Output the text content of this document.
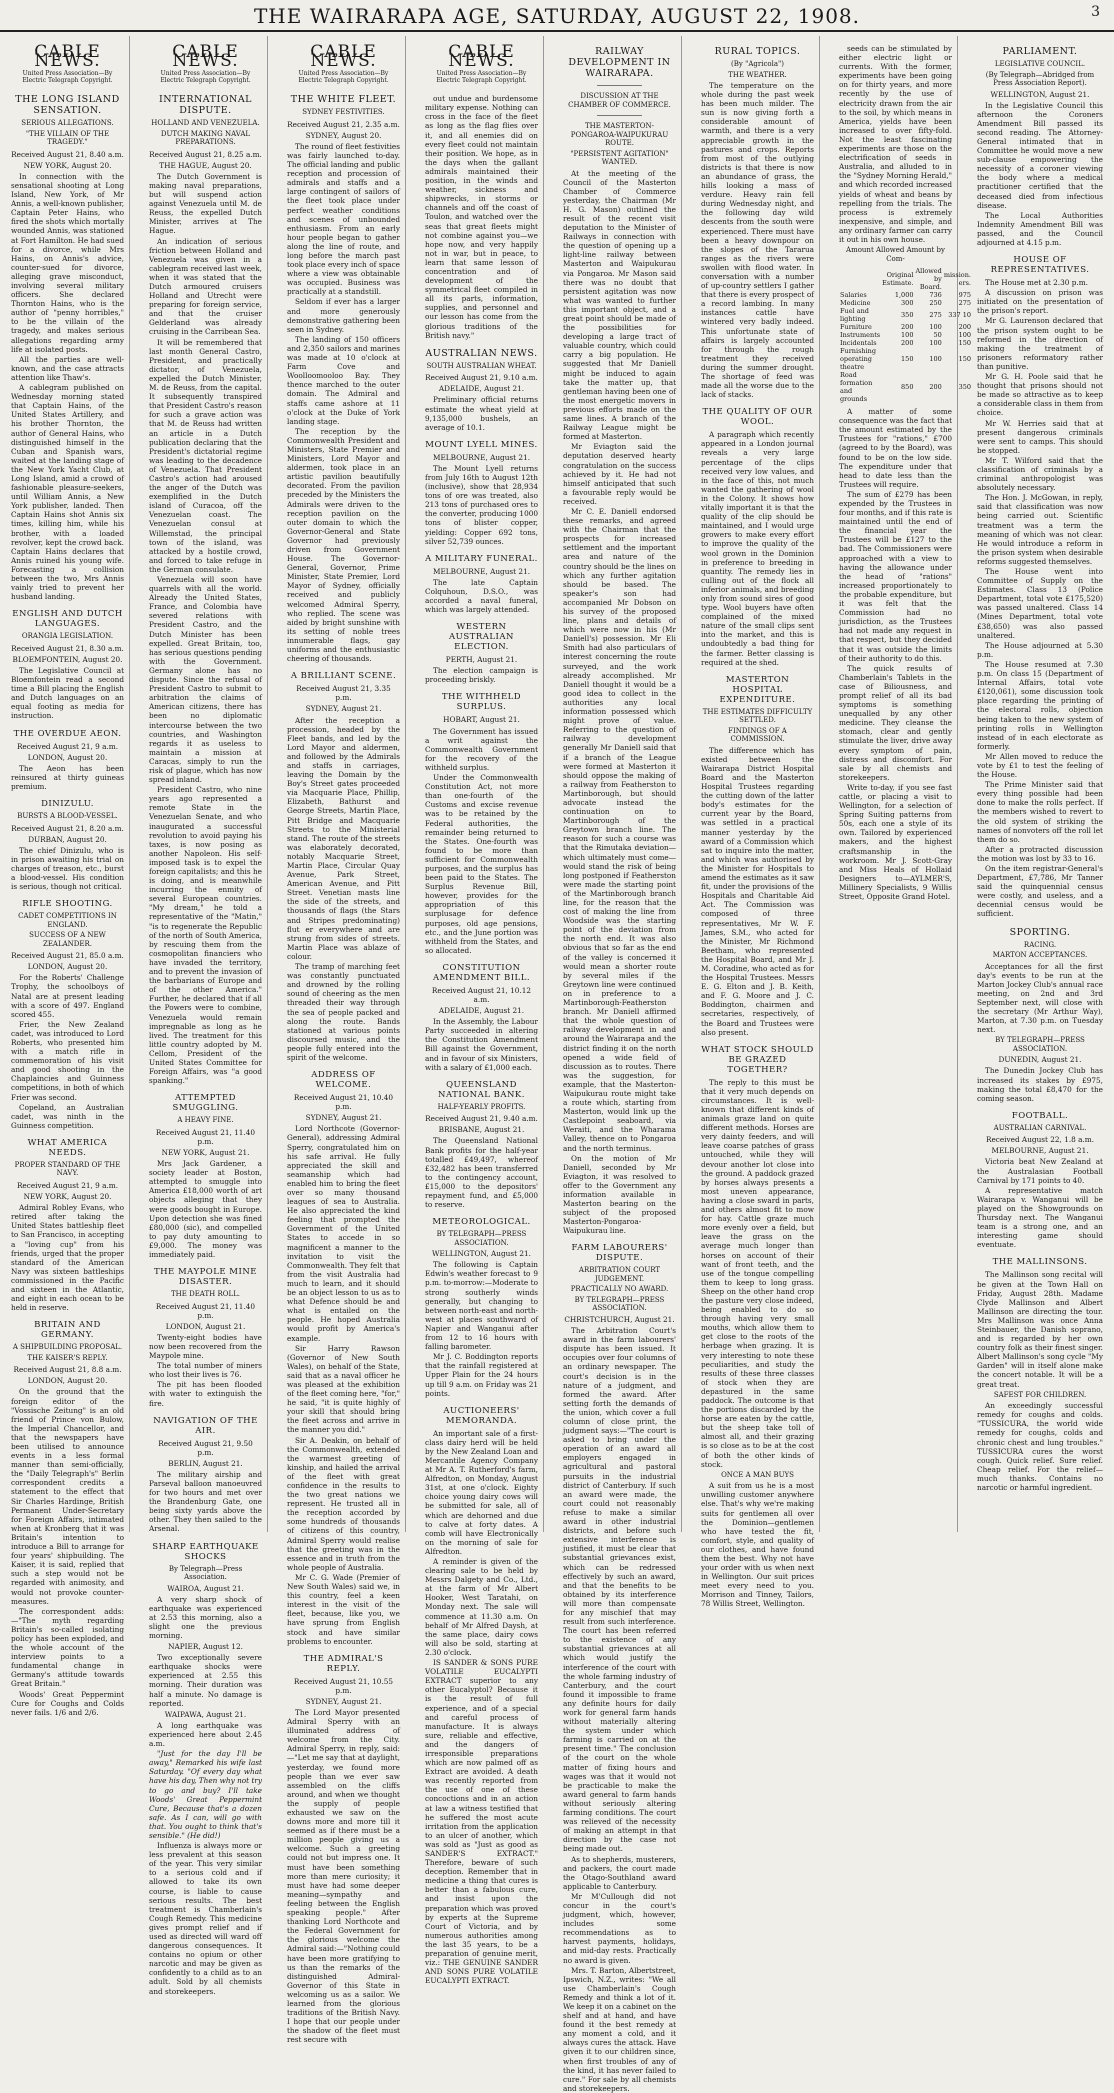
THE WAIRARAPA AGE, SATURDAY, AUGUST 22, 1908.	3
CABLE NEWS.
United Press Association—By Electric Telegraph Copyright.
THE LONG ISLAND SENSATION.
SERIOUS ALLEGATIONS.
"THE VILLAIN OF THE TRAGEDY."
Received August 21, 8.40 a.m.
NEW YORK, August 20.

In connection with the sensational shooting at Long Island, New York, of Mr Annis, a well-known publisher, Captain Peter Hains, who fired the shots which mortally wounded Annis, was stationed at Fort Hamilton. He had sued for a divorce, while Mrs Hains, on Annis's advice, counter-sued for divorce, alleging grave misconduct, involving several military officers. She declared Thornton Hains, who is the author of "penny horribles," to be the villain of the tragedy, and makes serious allegations regarding army life at isolated posts.

All the parties are well-known, and the case attracts attention like Thaw's.

A cablegram published on Wednesday morning stated that Captain Hains, of the United States Artillery, and his brother Thornton, the author of General Hains, who distinguished himself in the Cuban and Spanish wars, waited at the landing stage of the New York Yacht Club, at Long Island, amid a crowd of fashionable pleasure-seekers, until William Annis, a New York publisher, landed. Then Captain Hains shot Annis six times, killing him, while his brother, with a loaded revolver, kept the crowd back. Captain Hains declares that Annis ruined his young wife. Forecasting a collision between the two, Mrs Annis vainly tried to prevent her husband landing.

ENGLISH AND DUTCH LANGUAGES.
ORANGIA LEGISLATION.
Received August 21, 8.30 a.m.
BLOEMFONTEIN, August 20.

The Legislative Council at Bloemfontein read a second time a Bill placing the English and Dutch languages on an equal footing as media for instruction.

THE OVERDUE AEON.
Received August 21, 9 a.m.
LONDON, August 20.

The Aeon has been reinsured at thirty guineas premium.

DINIZULU.
BURSTS A BLOOD-VESSEL.
Received August 21, 8.20 a.m.
DURBAN, August 20.

The chief Dinizulu, who is in prison awaiting his trial on charges of treason, etc., burst a blood-vessel. His condition is serious, though not critical.

RIFLE SHOOTING.
CADET COMPETITIONS IN ENGLAND.
SUCCESS OF A NEW ZEALANDER.
Received August 21, 85.0 a.m.
LONDON, August 20.

For the Roberts' Challenge Trophy, the schoolboys of Natal are at present leading with a score of 497. England scored 455.

Frier, the New Zealand cadet, was introduced to Lord Roberts, who presented him with a match rifle in commemoration of his visit and good shooting in the Chaplaincies and Guinness competitions, in both of which Frier was second.

Copeland, an Australian cadet, was ninth in the Guinness competition.

WHAT AMERICA NEEDS.
PROPER STANDARD OF THE NAVY.
Received August 21, 9 a.m.
NEW YORK, August 20.

Admiral Robley Evans, who retired after taking the United States battleship fleet to San Francisco, in accepting a "loving cup" from his friends, urged that the proper standard of the American Navy was sixteen battleships commissioned in the Pacific and sixteen in the Atlantic, and eight in each ocean to be held in reserve.

BRITAIN AND GERMANY.
A SHIPBUILDING PROPOSAL.
THE KAISER'S REPLY.
Received August 21, 8.8 a.m.
LONDON, August 20.

On the ground that the foreign editor of the "Vossische Zeitung" is an old friend of Prince von Bulow, the Imperial Chancellor, and that the newspapers have been utilised to announce events in a less formal manner than semi-officially, the "Daily Telegraph's" Berlin correspondent credits a statement to the effect that Sir Charles Hardinge, British Permanent Under-Secretary for Foreign Affairs, intimated when at Kronberg that it was Britain's intention to introduce a Bill to arrange for four years' shipbuilding. The Kaiser, it is said, replied that such a step would not be regarded with animosity, and would not provoke counter-measures.

The correspondent adds:—"The myth regarding Britain's so-called isolating policy has been exploded, and the whole account of the interview points to a fundamental change in Germany's attitude towards Great Britain."

Woods' Great Peppermint Cure for Coughs and Colds never fails. 1/6 and 2/6.

CABLE NEWS.
United Press Association—By Electric Telegraph Copyright.
INTERNATIONAL DISPUTE.
HOLLAND AND VENEZUELA.
DUTCH MAKING NAVAL PREPARATIONS.
Received August 21, 8.25 a.m.
THE HAGUE, August 20.

The Dutch Government is making naval preparations, but will suspend action against Venezuela until M. de Reuss, the expelled Dutch Minister, arrives at The Hague.

An indication of serious friction between Holland and Venezuela was given in a cablegram received last week, when it was stated that the Dutch armoured cruisers Holland and Utrecht were preparing for foreign service, and that the cruiser Gelderland was already cruising in the Carribean Sea.

It will be remembered that last month General Castro, President, and practically dictator, of Venezuela, expelled the Dutch Minister, M. de Reuss, from the capital. It subsequently transpired that President Castro's reason for such a grave action was that M. de Reuss had written an article in a Dutch publication declaring that the President's dictatorial regime was leading to the decadence of Venezuela. That President Castro's action had aroused the anger of the Dutch was exemplified in the Dutch island of Curacoa, off the Venezuelan coast. The Venezuelan consul at Willemstad, the principal town of the island, was attacked by a hostile crowd, and forced to take refuge in the German consulate.

Venezuela will soon have quarrels with all the world. Already the United States, France, and Colombia have severed relations with President Castro, and the Dutch Minister has been expelled. Great Britain, too, has serious questions pending with the Government. Germany alone has no dispute. Since the refusal of President Castro to submit to arbitration the claims of American citizens, there has been no diplomatic intercourse between the two countries, and Washington regards it as useless to maintain a mission at Caracas, simply to run the risk of plague, which has now spread inland.

President Castro, who nine years ago represented a remote State in the Venezuelan Senate, and who inaugurated a successful revolution to avoid paying his taxes, is now posing as another Napoleon. His self-imposed task is to expel the foreign capitalists; and this he is doing, and is meanwhile incurring the enmity of several European countries. "My dream," he told a representative of the "Matin," "is to regenerate the Republic of the north of South America, by rescuing them from the cosmopolitan financiers who have invaded the territory, and to prevent the invasion of the barbarians of Europe and of the other America." Further, he declared that if all the Powers were to combine, Venezuela would remain impregnable as long as he lived. The treatment for this little country adopted by M. Cellom, President of the United States Committee for Foreign Affairs, was "a good spanking."

ATTEMPTED SMUGGLING.
A HEAVY FINE.
Received August 21, 11.40 p.m.
NEW YORK, August 21.

Mrs Jack Gardener, a society leader at Boston, attempted to smuggle into America £18,000 worth of art objects alleging that they were goods bought in Europe. Upon detection she was fined £80,000 (sic), and compelled to pay duty amounting to £9,000. The money was immediately paid.

THE MAYPOLE MINE DISASTER.
THE DEATH ROLL.
Received August 21, 11.40 p.m.
LONDON, August 21.

Twenty-eight bodies have now been recovered from the Maypole mine.

The total number of miners who lost their lives is 76.

The pit has been flooded with water to extinguish the fire.

NAVIGATION OF THE AIR.
Received August 21, 9.50 p.m.
BERLIN, August 21.

The military airship and Parseval balloon manoeuvred for two hours and met over the Brandenburg Gate, one being sixty yards above the other. They then sailed to the Arsenal.

SHARP EARTHQUAKE SHOCKS
By Telegraph—Press Association.
WAIROA, August 21.

A very sharp shock of earthquake was experienced at 2.53 this morning, also a slight one the previous morning.

NAPIER, August 12.

Two exceptionally severe earthquake shocks were experienced at 2.55 this morning. Their duration was half a minute. No damage is reported.

WAIPAWA, August 21.

A long earthquake was experienced here about 2.45 a.m.

"Just for the day I'll be away," Remarked his wife last Saturday. "Of every day what have his day, Then why not try to go and buy? I'll take Woods' Great Peppermint Cure, Because that's a dozen safe. As I can, will go with that. You ought to think that's sensible." (He did!)

Influenza is always more or less prevalent at this season of the year. This very similar to a serious cold and if allowed to take its own course, is liable to cause serious results. The best treatment is Chamberlain's Cough Remedy. This medicine gives prompt relief and if used as directed will ward off dangerous consequences. It contains no opium or other narcotic and may be given as confidently to a child as to an adult. Sold by all chemists and storekeepers.

CABLE NEWS.
United Press Association—By Electric Telegraph Copyright.
THE WHITE FLEET.
SYDNEY FESTIVITIES.
Received August 21, 2.35 a.m.
SYDNEY, August 20.

The round of fleet festivities was fairly launched to-day. The official landing and public reception and procession of admirals and staffs and a large contingent of sailors of the fleet took place under perfect weather conditions and scenes of unbounded enthusiasm. From an early hour people began to gather along the line of route, and long before the march past took place every inch of space where a view was obtainable was occupied. Business was practically at a standstill.

Seldom if ever has a larger and more generously demonstrative gathering been seen in Sydney.

The landing of 150 officers and 2,350 sailors and marines was made at 10 o'clock at Farm Cove and Woolloomooloo Bay. They thence marched to the outer domain. The Admiral and staffs came ashore at 11 o'clock at the Duke of York landing stage.

The reception by the Commonwealth President and Ministers, State Premier and Ministers, Lord Mayor and aldermen, took place in an artistic pavilion beautifully decorated. From the pavilion preceded by the Ministers the Admirals were driven to the reception pavilion on the outer domain to which the Governor-General and State Governor had previously driven from Government House. The Governor-General, Governor, Prime Minister, State Premier, Lord Mayor of Sydney, officially received and publicly welcomed Admiral Sperry, who replied. The scene was aided by bright sunshine with its setting of noble trees innumerable flags, gay uniforms and the enthusiastic cheering of thousands.

A BRILLIANT SCENE.
Received August 21, 3.35 p.m.
SYDNEY, August 21.

After the reception a procession, headed by the Fleet bands, and led by the Lord Mayor and aldermen, and followed by the Admirals and staffs in carriages, leaving the Domain by the Boy's Street gates proceeded via Macquarie Place, Phillip, Elizabeth, Bathurst and George Streets, Martin Place, Pitt Bridge and Macquarie Streets to the Ministerial stand. The route of the streets was elaborately decorated, notably Macquarie Street, Martin Place, Circular Quay Avenue, Park Street, American Avenue, and Pitt Street. Venetian masts line the side of the streets, and thousands of flags (the Stars and Stripes predominating) flut er everywhere and are strung from sides of streets. Martin Place was ablaze of colour.

The tramp of marching feet was constantly punctuated and drowned by the rolling sound of cheering as the men threaded their way through the sea of people packed and along the route. Bands stationed at various points discoursed music, and the people fully entered into the spirit of the welcome.

ADDRESS OF WELCOME.
Received August 21, 10.40 p.m.
SYDNEY, August 21.

Lord Northcote (Governor-General), addressing Admiral Sperry, congratulated him on his safe arrival. He fully appreciated the skill and seamanship which had enabled him to bring the fleet over so many thousand leagues of sea to Australia. He also appreciated the kind feeling that prompted the Government of the United States to accede in so magnificent a manner to the invitation to visit the Commonwealth. They felt that from the visit Australia had much to learn, and it should be an object lesson to us as to what Defence should be and what is entailed on the people. He hoped Australia would profit by America's example.

Sir Harry Rawson (Governor of New South Wales), on behalf of the State, said that as a naval officer he was pleased at the exhibition of the fleet coming here, "for," he said, "it is quite highly of your skill that should bring the fleet across and arrive in the manner you did."

Sir A. Deakin, on behalf of the Commonwealth, extended the warmest greeting of kinship, and hailed the arrival of the fleet with great confidence in the results to the two great nations we represent. He trusted all in the reception accorded by some hundreds of thousands of citizens of this country, Admiral Sperry would realise that the greeting was in the essence and in truth from the whole people of Australia.

Mr C. G. Wade (Premier of New South Wales) said we, in this country, feel a keen interest in the visit of the fleet, because, like you, we have sprung from English stock and have similar problems to encounter.

THE ADMIRAL'S REPLY.
Received August 21, 10.55 p.m.
SYDNEY, August 21.

The Lord Mayor presented Admiral Sperry with an illuminated address of welcome from the City. Admiral Sperry, in reply, said:—"Let me say that at daylight, yesterday, we found more people than we ever saw assembled on the cliffs around, and when we thought the supply of people exhausted we saw on the downs more and more till it seemed as if there must be a million people giving us a welcome. Such a greeting could not but impress one. It must have been something more than mere curiosity; it must have had some deeper meaning—sympathy and feeling between the English speaking people." After thanking Lord Northcote and the Federal Government for the glorious welcome the Admiral said:—"Nothing could have been more gratifying to us than the remarks of the distinguished Admiral-Governor of this State in welcoming us as a sailor. We learned from the glorious traditions of the British Navy. I hope that our people under the shadow of the fleet must rest secure with

CABLE NEWS.
United Press Association—By Electric Telegraph Copyright.

out undue and burdensome military expense. Nothing can cross in the face of the fleet as long as the flag flies over it, and all enemies did on every fleet could not maintain their position. We hope, as in the days when the gallant admirals maintained their position, in the winds and weather, sickness and shipwrecks, in storms or channels and off the coast of Toulon, and watched over the seas that great fleets might not combine against you—we hope now, and very happily not in war, but in peace, to learn that same lesson of concentration and of development of the symmetrical fleet compiled in all its parts, information, supplies, and personnel and our lesson has come from the glorious traditions of the British navy."

AUSTRALIAN NEWS.
SOUTH AUSTRALIAN WHEAT.
Received August 21, 9.10 a.m.
ADELAIDE, August 21.

Preliminary official returns estimate the wheat yield at 9,135,000 bushels, an average of 10.1.

MOUNT LYELL MINES.
MELBOURNE, August 21.

The Mount Lyell returns from July 16th to August 12th (inclusive), show that 28,934 tons of ore was treated, also 213 tons of purchased ores to the converter, producing 1000 tons of blister copper, yielding: Copper 692 tons, silver 52,739 ounces.

A MILITARY FUNERAL.
MELBOURNE, August 21.

The late Captain Colquhoun, D.S.O., was accorded a naval funeral, which was largely attended.

WESTERN AUSTRALIAN ELECTION.
PERTH, August 21.

The election campaign is proceeding briskly.

THE WITHHELD SURPLUS.
HOBART, August 21.

The Government has issued a writ against the Commonwealth Government for the recovery of the withheld surplus.

Under the Commonwealth Constitution Act, not more than one-fourth of the Customs and excise revenue was to be retained by the Federal authorities, the remainder being returned to the States. One-fourth was found to be more than sufficient for Commonwealth purposes, and the surplus has been paid to the States. The Surplus Revenue Bill, however, provides for the appropriation of this surplusage for defence purposes, old age pensions, etc., and the June portion was withheld from the States, and so allocated.

CONSTITUTION AMENDMENT BILL.
Received August 21, 10.12 a.m.
ADELAIDE, August 21.

In the Assembly, the Labour Party succeeded in altering the Constitution Amendment Bill against the Government, and in favour of six Ministers, with a salary of £1,000 each.

QUEENSLAND NATIONAL BANK.
HALF-YEARLY PROFITS.
Received August 21, 9.40 a.m.
BRISBANE, August 21.

The Queensland National Bank profits for the half-year totalled £49,497, whereof £32,482 has been transferred to the contingency account, £15,000 to the depositors' repayment fund, and £5,000 to reserve.

METEOROLOGICAL.
BY TELEGRAPH—PRESS ASSOCIATION.
WELLINGTON, August 21.

The following is Captain Edwin's weather forecast to 9 p.m. to-morrow:—Moderate to strong southerly winds generally, but changing to between north-east and north-west at places southward of Napier and Wanganui after from 12 to 16 hours with falling barometer.

Mr J. C. Boddington reports that the rainfall registered at Upper Plain for the 24 hours up till 9 a.m. on Friday was 21 points.

AUCTIONEERS' MEMORANDA.

An important sale of a first-class dairy herd will be held by the New Zealand Loan and Mercantile Agency Company at Mr A. T. Rutherford's farm, Alfredton, on Monday, August 31st, at one o'clock. Eighty choice young dairy cows will be submitted for sale, all of which are dehorned and due to calve at forty dates. A comb will have Electronically on the morning of sale for Alfredton.

A reminder is given of the clearing sale to be held by Messrs Dalgety and Co., Ltd., at the farm of Mr Albert Hooker, West Taratahi, on Monday next. The sale will commence at 11.30 a.m. On behalf of Mr Alfred Daysh, at the same place, dairy cows will also be sold, starting at 2.30 o'clock.

IS SANDER & SONS PURE VOLATILE EUCALYPTI EXTRACT superior to any other Eucalyptol? Because it is the result of full experience, and of a special and careful process of manufacture. It is always sure, reliable and effective, and the dangers of irresponsible preparations which are now palmed off as Extract are avoided. A death was recently reported from the use of one of these concoctions and in an action at law a witness testified that he suffered the most acute irritation from the application to an ulcer of another, which was sold as "Just as good as SANDER'S EXTRACT." Therefore, beware of such deception. Remember that in medicine a thing that cures is better than a fabulous cure, and insist upon the preparation which was proved by experts at the Supreme Court of Victoria, and by numerous authorities among the last 35 years, to be a preparation of genuine merit, viz.: THE GENUINE SANDER AND SONS PURE VOLATILE EUCALYPTI EXTRACT.

RAILWAY DEVELOPMENT IN WAIRARAPA.
DISCUSSION AT THE CHAMBER OF COMMERCE.
THE MASTERTON-PONGAROA-WAIPUKURAU ROUTE.
"PERSISTENT AGITATION" WANTED.

At the meeting of the Council of the Masterton Chamber of Commerce yesterday, the Chairman (Mr H. G. Mason) outlined the result of the recent visit deputation to the Minister of Railways in connection with the question of opening up a light-line railway between Masterton and Waipukurau via Pongaroa. Mr Mason said there was no doubt that persistent agitation was now what was wanted to further this important object, and a great point should be made of the possibilities for developing a large tract of valuable country, which could carry a big population. He suggested that Mr Daniell might be induced to again take the matter up, that gentleman having been one of the most energetic movers in previous efforts made on the same lines. A branch of the Railway League might be formed at Masterton.

Mr Eviagton said the deputation deserved hearty congratulation on the success achieved by it. He had not himself anticipated that such a favourable reply would be received.

Mr C. E. Daniell endorsed these remarks, and agreed with the Chairman that the prospects for increased settlement and the important area and nature of the country should be the lines on which any further agitation should be based. The speaker's son had accompanied Mr Dobson on his survey of the proposed line, plans and details of which were now in his (Mr Daniell's) possession. Mr Eli Smith had also particulars of interest concerning the route surveyed, and the work already accomplished. Mr Daniell thought it would be a good idea to collect in the authorities any local information possessed which might prove of value. Referring to the question of railway development generally Mr Daniell said that if a branch of the League were formed at Masterton it should oppose the making of a railway from Featherston to Martinborough, but should advocate instead the continuation on to Martinborough of the Greytown branch line. The reason for such a course was that the Rimutaka deviation—which ultimately must come—would stand the risk of being long postponed if Featherston were made the starting point of the Martinborough branch line, for the reason that the cost of making the line from Woodside was the starting point of the deviation from the north end. It was also obvious that so far as the end of the valley is concerned it would mean a shorter route by several miles if the Greytown line were continued on in preference to a Martinborough-Featherston branch. Mr Daniell affirmed that the whole question of railway development in and around the Wairarapa and the district finding it on the north opened a wide field of discussion as to routes. There was the suggestion, for example, that the Masterton-Waipukurau route might take a route which, starting from Masterton, would link up the Castlepoint seaboard, via Weraiti, and the Wharama Valley, thence on to Pongaroa and the north terminus.

On the motion of Mr Daniell, seconded by Mr Eviagton, it was resolved to offer to the Government any information available in Masterton bearing on the subject of the proposed Masterton-Pongaroa-Waipukurau line.

FARM LABOURERS' DISPUTE.
ARBITRATION COURT JUDGEMENT.
PRACTICALLY NO AWARD.
BY TELEGRAPH—PRESS ASSOCIATION.
CHRISTCHURCH, August 21.

The Arbitration Court's award in the farm labourers' dispute has been issued. It occupies over four columns of an ordinary newspaper. The court's decision is in the nature of a judgment, and formed the award. After setting forth the demands of the union, which cover a full column of close print, the judgment says:—"The court is asked to bring under the operation of an award all employers engaged in agricultural and pastoral pursuits in the industrial district of Canterbury. If such an award were made, the court could not reasonably refuse to make a similar award in other industrial districts, and before such extensive interference is justified, it must be clear that substantial grievances exist, which can be redressed effectively by such an award, and that the benefits to be obtained by its interference will more than compensate for any mischief that may result from such interference. The court has been referred to the existence of any substantial grievances at all which would justify the interference of the court with the whole farming industry of Canterbury, and the court found it impossible to frame any definite hours for daily work for general farm hands without materially altering the system under which farming is carried on at the present time." The conclusion of the court on the whole matter of fixing hours and wages was that it would not be practicable to make the award general to farm hands without seriously altering farming conditions. The court was relieved of the necessity of making an attempt in that direction by the case not being made out.

As to shepherds, musterers, and packers, the court made the Otago-Southland award applicable to Canterbury.

Mr M'Cullough did not concur in the court's judgment, which, however, includes some recommendations as to harvest payments, holidays, and mid-day rests. Practically no award is given.

Mrs. T. Barton, Albertstreet, Ipswich, N.Z., writes: "We all use Chamberlain's Cough Remedy and think a lot of it. We keep it on a cabinet on the shelf and at hand, and have found it the best remedy at any moment a cold, and it always cures the attack. Have given it to our children since, when first troubles of any of the kind, it has never failed to cure." For sale by all chemists and storekeepers.

RURAL TOPICS.
(By "Agricola")
THE WEATHER.

The temperature on the whole during the past week has been much milder. The sun is now giving forth a considerable amount of warmth, and there is a very appreciable growth in the pastures and crops. Reports from most of the outlying districts is that there is now an abundance of grass, the hills looking a mass of verdure. Heavy rain fell during Wednesday night, and the following day wild descents from the south were experienced. There must have been a heavy downpour on the slopes of the Tararua ranges as the rivers were swollen with flood water. In conversation with a number of up-country settlers I gather that there is every prospect of a record lambing. In many instances cattle have wintered very badly indeed. This unfortunate state of affairs is largely accounted for through the rough treatment they received during the summer drought. The shortage of feed was made all the worse due to the lack of stacks.

THE QUALITY OF OUR WOOL.

A paragraph which recently appeared in a London journal reveals a very large percentage of the clips received very low values, and in the face of this, not much wanted the gathering of wool in the Colony. It shows how vitally important it is that the quality of the clip should be maintained, and I would urge growers to make every effort to improve the quality of the wool grown in the Dominion in preference to breeding in quantity. The remedy lies in culling out of the flock all inferior animals, and breeding only from sound sires of good type. Wool buyers have often complained of the mixed nature of the small clips sent into the market, and this is undoubtedly a bad thing for the farmer. Better classing is required at the shed.

MASTERTON HOSPITAL EXPENDITURE.
THE ESTIMATES DIFFICULTY SETTLED.
FINDINGS OF A COMMISSION.

The difference which has existed between the Wairarapa District Hospital Board and the Masterton Hospital Trustees regarding the cutting down of the latter body's estimates for the current year by the Board, was settled in a practical manner yesterday by the award of a Commission which sat to inquire into the matter, and which was authorised by the Minister for Hospitals to amend the estimates as it saw fit, under the provisions of the Hospitals and Charitable Aid Act. The Commission was composed of three representatives, Mr W. F. James, S.M., who acted for the Minister, Mr Richmond Beetham, who represented the Hospital Board, and Mr J. M. Coradine, who acted as for the Hospital Trustees. Messrs E. G. Elton and J. B. Keith, and F. G. Moore and J. C. Boddington, chairmen and secretaries, respectively, of the Board and Trustees were also present.

WHAT STOCK SHOULD BE GRAZED TOGETHER?

The reply to this must be that it very much depends on circumstances. It is well-known that different kinds of animals graze land on quite different methods. Horses are very dainty feeders, and will leave coarse patches of grass untouched, while they will devour another lot close into the ground. A paddock grazed by horses always presents a most uneven appearance, having a close sward in parts, and others almost fit to mow for hay. Cattle graze much more evenly over a field, but leave the grass on the average much longer than horses on account of their want of front teeth, and the use of the tongue compelling them to keep to long grass. Sheep on the other hand crop the pasture very close indeed, being enabled to do so through having very small mouths, which allow them to get close to the roots of the herbage when grazing. It is very interesting to note these peculiarities, and study the results of these three classes of stock when they are depastured in the same paddock. The outcome is that the portions discarded by the horse are eaten by the cattle, but the sheep take toll of almost all, and their grazing is so close as to be at the cost of both the other kinds of stock.

ONCE A MAN BUYS

A suit from us he is a most unwilling customer anywhere else. That's why we're making suits for gentlemen all over the Dominion—gentlemen who have tested the fit, comfort, style, and quality of our clothes, and have found them the best. Why not have your order with us when next in Wellington. Our suit prices meet every need to you. Morrison and Tinney, Tailors, 78 Willis Street, Wellington.

seeds can be stimulated by either electric light or currents. With the former, experiments have been going on for thirty years, and more recently by the use of electricity drawn from the air to the soil, by which means in America, yields have been increased to over fifty-fold. Not the least fascinating experiments are those on the electrification of seeds in Australia, and alluded to in the "Sydney Morning Herald," and which recorded increased yields of wheat and beans by repelling from the trials. The process is extremely inexpensive, and simple, and any ordinary farmer can carry it out in his own house.

Amount Allowed Amount by Com-
	Original Estimate.	Allowed by Board.	mission. ers.
Salaries	1,000	736	975
Medicine	300	250	275
Fuel and lighting	350	275	337 10
Furniture	200	100	200
Instruments	100	50	100
Incidentals	200	100	150
Furnishing operating theatre	150	100	150
Road formation and grounds	850	200	350

A matter of some consequence was the fact that the amount estimated by the Trustees for "rations," £700 (agreed to by the Board), was found to be on the low side. The expenditure under that head to date less than the Trustees will require.

The sum of £279 has been expended by the Trustees in four months, and if this rate is maintained until the end of the financial year the Trustees will be £127 to the bad. The Commissioners were approached with a view to having the allowance under the head of "rations" increased proportionately to the probable expenditure, but it was felt that the Commission had no jurisdiction, as the Trustees had not made any request in that respect, but they decided that it was outside the limits of their authority to do this.

The quick results of Chamberlain's Tablets in the case of Biliousness, and prompt relief of all its bad symptoms is something unequalled by any other medicine. They cleanse the stomach, clear and gently stimulate the liver, drive away every symptom of pain, distress and discomfort. For sale by all chemists and storekeepers.

Write to-day, if you see fast cattle, or placing a visit to Wellington, for a selection of Spring Suiting patterns from 50s, each one a style of its own. Tailored by experienced makers, and the highest craftsmanship in the workroom. Mr J. Scott-Gray and Miss Heals of Hollaid Designers to—AYLMER'S, Millinery Specialists, 9 Willis Street, Opposite Grand Hotel.

PARLIAMENT.
LEGISLATIVE COUNCIL.
(By Telegraph—Abridged from Press Association Report).
WELLINGTON, August 21.

In the Legislative Council this afternoon the Coroners Amendment Bill passed its second reading. The Attorney-General intimated that in Committee he would move a new sub-clause empowering the necessity of a coroner viewing the body where a medical practitioner certified that the deceased died from infectious disease.

The Local Authorities Indemnity Amendment Bill was passed, and the Council adjourned at 4.15 p.m.

HOUSE OF REPRESENTATIVES.

The House met at 2.30 p.m.

A discussion on prison was initiated on the presentation of the prison's report.

Mr G. Laurenson declared that the prison system ought to be reformed in the direction of making the treatment of prisoners reformatory rather than punitive.

Mr G. H. Poole said that he thought that prisons should not be made so attractive as to keep a considerable class in them from choice.

Mr W. Herries said that at present dangerous criminals were sent to camps. This should be stopped.

Mr T. Wilford said that the classification of criminals by a criminal anthropologist was absolutely necessary.

The Hon. J. McGowan, in reply, said that classification was now being carried out. Scientific treatment was a term the meaning of which was not clear. He would introduce a reform in the prison system when desirable reforms suggested themselves.

The House went into Committee of Supply on the Estimates. Class 13 (Police Department, total vote £175,520) was passed unaltered. Class 14 (Mines Department, total vote £38,650) was also passed unaltered.

The House adjourned at 5.30 p.m.

The House resumed at 7.30 p.m. On class 15 (Department of Internal Affairs, total vote £120,061), some discussion took place regarding the printing of the electoral rolls, objection being taken to the new system of printing rolls in Wellington instead of in each electorate as formerly.

Mr Allen moved to reduce the vote by £1 to test the feeling of the House.

The Prime Minister said that every thing possible had been done to make the rolls perfect. If the members wished to revert to the old system of striking the names of nonvoters off the roll let them do so.

After a protracted discussion the motion was lost by 33 to 16.

On the item registrar-General's Department, £7,786, Mr Tanner said the quinquennial census were costly, and useless, and a decennial census would be sufficient.

SPORTING.
RACING.
MARTON ACCEPTANCES.

Acceptances for all the first day's events to be run at the Marton Jockey Club's annual race meeting, on 2nd and 3rd September next, will close with the secretary (Mr Arthur Way), Marton, at 7.30 p.m. on Tuesday next.

BY TELEGRAPH—PRESS ASSOCIATION.
DUNEDIN, August 21.

The Dunedin Jockey Club has increased its stakes by £975, making the total £8,470 for the coming season.

FOOTBALL.
AUSTRALIAN CARNIVAL.
Received August 22, 1.8 a.m.
MELBOURNE, August 21.

Victoria beat New Zealand at the Australasian Football Carnival by 171 points to 40.

A representative match Wairarapa v. Wanganui will be played on the Showgrounds on Thursday next. The Wanganui team is a strong one, and an interesting game should eventuate.

THE MALLINSONS.

The Mallinson song recital will be given at the Town Hall on Friday, August 28th. Madame Clyde Mallinson and Albert Mallinson are directing the tour. Mrs Mallinson was once Anna Steinbauer, the Danish soprano, and is regarded by her own country folk as their finest singer. Albert Mallinson's song cycle "My Garden" will in itself alone make the concert notable. It will be a great treat.

SAFEST FOR CHILDREN.

An exceedingly successful remedy for coughs and colds. "TUSSICURA, the world wide remedy for coughs, colds and chronic chest and lung troubles." TUSSICURA cures the worst cough. Quick relief. Sure relief. Cheap relief. For the relief—much thanks. Contains no narcotic or harmful ingredient.
